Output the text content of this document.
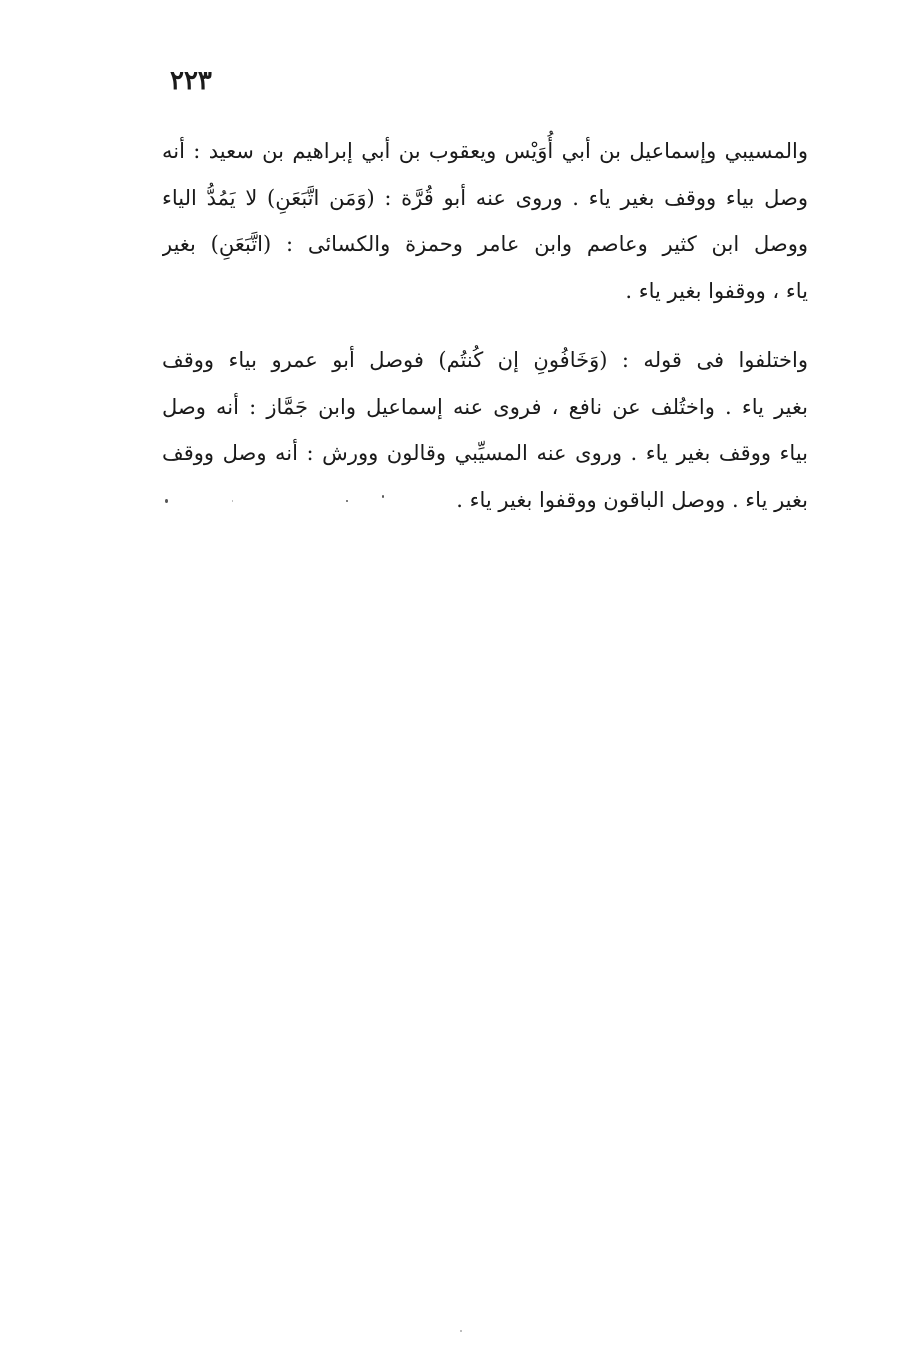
٢٢٣
والمسيبي وإسماعيل بن أبي أُوَيْس ويعقوب بن أبي إبراهيم بن سعيد : أنه
وصل بياء ووقف بغير ياء . وروى عنه أبو قُرَّة : (وَمَن اتَّبَعَنِ) لا يَمُدُّ الياء
ووصل ابن كثير وعاصم وابن عامر وحمزة والكسائى : (اتَّبَعَنِ) بغير
ياء ، ووقفوا بغير ياء .
واختلفوا فى قوله : (وَخَافُونِ إن كُنتُم) فوصل أبو عمرو بياء ووقف
بغير ياء . واختُلف عن نافع ، فروى عنه إسماعيل وابن جَمَّاز : أنه وصل
بياء ووقف بغير ياء . وروى عنه المسيِّبي وقالون وورش : أنه وصل ووقف
بغير ياء . ووصل الباقون ووقفوا بغير ياء .
